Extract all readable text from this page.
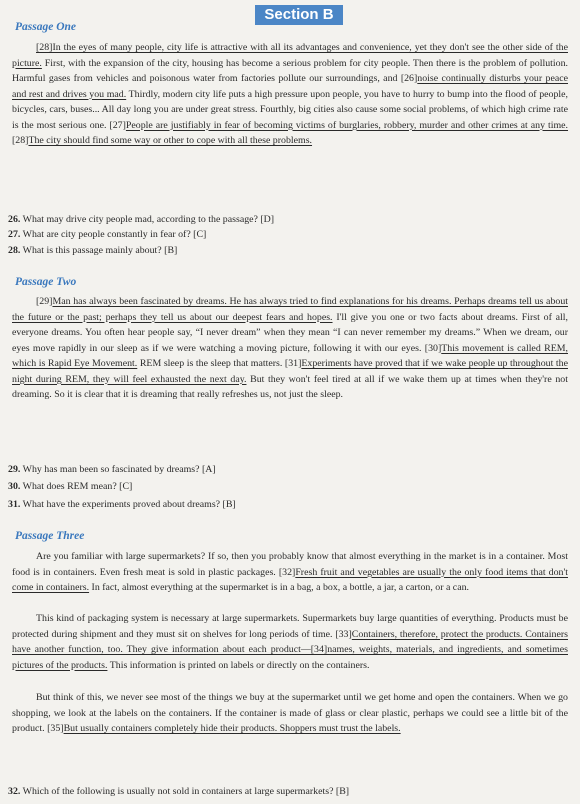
Section B
Passage One
[28]In the eyes of many people, city life is attractive with all its advantages and convenience, yet they don't see the other side of the picture. First, with the expansion of the city, housing has become a serious problem for city people. Then there is the problem of pollution. Harmful gases from vehicles and poisonous water from factories pollute our surroundings, and [26]noise continually disturbs your peace and rest and drives you mad. Thirdly, modern city life puts a high pressure upon people, you have to hurry to bump into the flood of people, bicycles, cars, buses... All day long you are under great stress. Fourthly, big cities also cause some social problems, of which high crime rate is the most serious one. [27]People are justifiably in fear of becoming victims of burglaries, robbery, murder and other crimes at any time. [28]The city should find some way or other to cope with all these problems.
26. What may drive city people mad, according to the passage? [D]
27. What are city people constantly in fear of? [C]
28. What is this passage mainly about? [B]
Passage Two
[29]Man has always been fascinated by dreams. He has always tried to find explanations for his dreams. Perhaps dreams tell us about the future or the past; perhaps they tell us about our deepest fears and hopes. I'll give you one or two facts about dreams. First of all, everyone dreams. You often hear people say, “I never dream” when they mean “I can never remember my dreams.” When we dream, our eyes move rapidly in our sleep as if we were watching a moving picture, following it with our eyes. [30]This movement is called REM, which is Rapid Eye Movement. REM sleep is the sleep that matters. [31]Experiments have proved that if we wake people up throughout the night during REM, they will feel exhausted the next day. But they won't feel tired at all if we wake them up at times when they're not dreaming. So it is clear that it is dreaming that really refreshes us, not just the sleep.
29. Why has man been so fascinated by dreams? [A]
30. What does REM mean? [C]
31. What have the experiments proved about dreams? [B]
Passage Three
Are you familiar with large supermarkets? If so, then you probably know that almost everything in the market is in a container. Most food is in containers. Even fresh meat is sold in plastic packages. [32]Fresh fruit and vegetables are usually the only food items that don't come in containers. In fact, almost everything at the supermarket is in a bag, a box, a bottle, a jar, a carton, or a can.
This kind of packaging system is necessary at large supermarkets. Supermarkets buy large quantities of everything. Products must be protected during shipment and they must sit on shelves for long periods of time. [33]Containers, therefore, protect the products. Containers have another function, too. They give information about each product—[34]names, weights, materials, and ingredients, and sometimes pictures of the products. This information is printed on labels or directly on the containers.
But think of this, we never see most of the things we buy at the supermarket until we get home and open the containers. When we go shopping, we look at the labels on the containers. If the container is made of glass or clear plastic, perhaps we could see a little bit of the product. [35]But usually containers completely hide their products. Shoppers must trust the labels.
32. Which of the following is usually not sold in containers at large supermarkets? [B]
